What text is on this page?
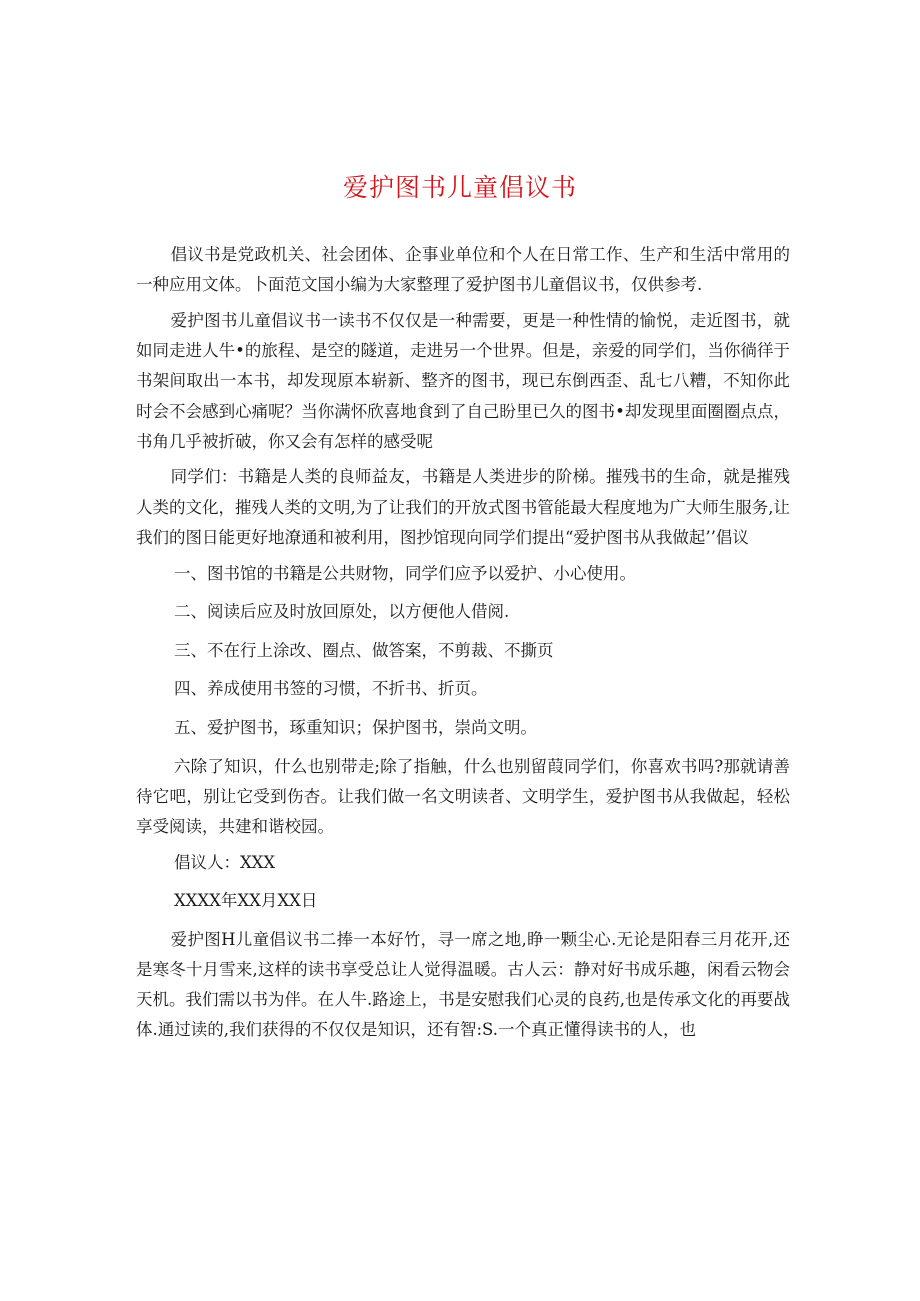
爱护图书儿童倡议书

倡议书是党政机关、社会团体、企事业单位和个人在日常工作、生产和生活中常用的一种应用文体。卜面范文国小编为大家整理了爱护图书儿童倡议书，仅供参考.

爱护图书儿童倡议书一读书不仅仅是一种需要，更是一种性情的愉悦，走近图书，就如同走进人牛•的旅程、是空的隧道，走进另一个世界。但是，亲爱的同学们，当你徜徉于书架间取出一本书，却发现原本崭新、整齐的图书，现已东倒西歪、乱七八糟，不知你此时会不会感到心痛呢？当你满怀欣喜地食到了自己盼里已久的图书•却发现里面圈圈点点，书角几乎被折破，你又会有怎样的感受呢

同学们：书籍是人类的良师益友，书籍是人类进步的阶梯。摧残书的生命，就是摧残人类的文化，摧残人类的文明,为了让我们的开放式图书管能最大程度地为广大师生服务,让我们的图日能更好地潦通和被利用，图抄馆现向同学们提出“爱护图书从我做起’’倡议

一、图书馆的书籍是公共财物，同学们应予以爱护、小心使用。

二、阅读后应及时放回原处，以方便他人借阅.

三、不在行上涂改、圈点、做答案，不剪裁、不撕页

四、养成使用书签的习惯，不折书、折页。

五、爱护图书，琢重知识；保护图书，崇尚文明。

六除了知识，什么也别带走;除了指触，什么也别留葭同学们，你喜欢书吗?那就请善待它吧，别让它受到伤杏。让我们做一名文明读者、文明学生，爱护图书从我做起，轻松享受阅读，共建和谐校园。

倡议人：XXX

XXXX年XX月XX日

爱护图H儿童倡议书二捧一本好竹，寻一席之地,睁一颗尘心.无论是阳春三月花开,还是寒冬十月雪来,这样的读书享受总让人觉得温暖。古人云：静对好书成乐趣，闲看云物会天机。我们需以书为伴。在人牛.路途上，书是安慰我们心灵的良药,也是传承文化的再要战体.通过读的,我们获得的不仅仅是知识，还有智:S.一个真正懂得读书的人，也
